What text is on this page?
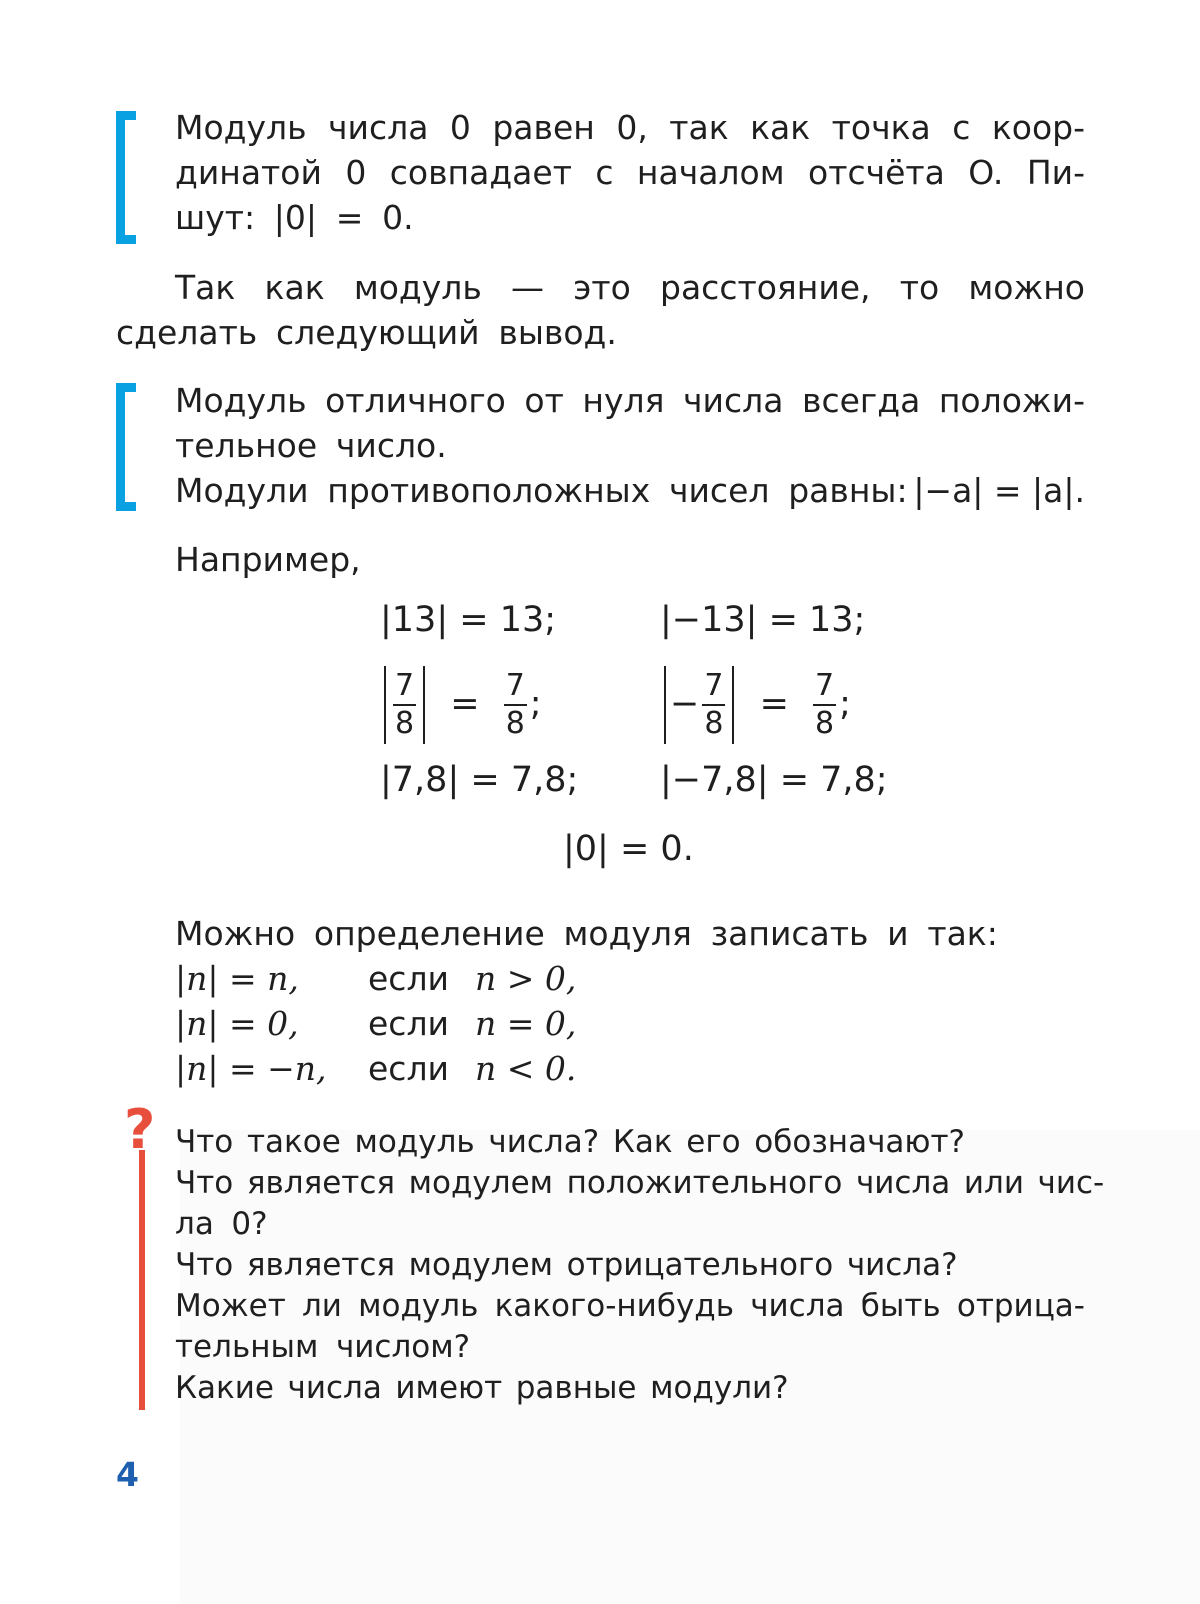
Модуль числа 0 равен 0, так как точка с коор-
динатой 0 совпадает с началом отсчёта O. Пи-
шут: |0| = 0.
Так как модуль — это расстояние, то можно
сделать следующий вывод.
Модуль отличного от нуля числа всегда положи-
тельное число.
Модули противоположных чисел равны: |−a| = |a|.
Например,
|13| = 13;	|−13| = 13;
$\frac{7}{8} = \frac{7}{8}$ ;	− $\frac{7}{8} = \frac{7}{8}$ ;
|7,8| = 7,8; |−7,8| = 7,8;
|0| = 0.
Можно определение модуля записать и так:
|n| = n, если n > 0,
|n| = 0, если n = 0,
|n| = −n, если n < 0.
? Что такое модуль числа? Как его обозначают?
Что является модулем положительного числа или чис-
ла 0?
Что является модулем отрицательного числа?
Может ли модуль какого-нибудь числа быть отрица-
тельным числом?
Какие числа имеют равные модули?
4
